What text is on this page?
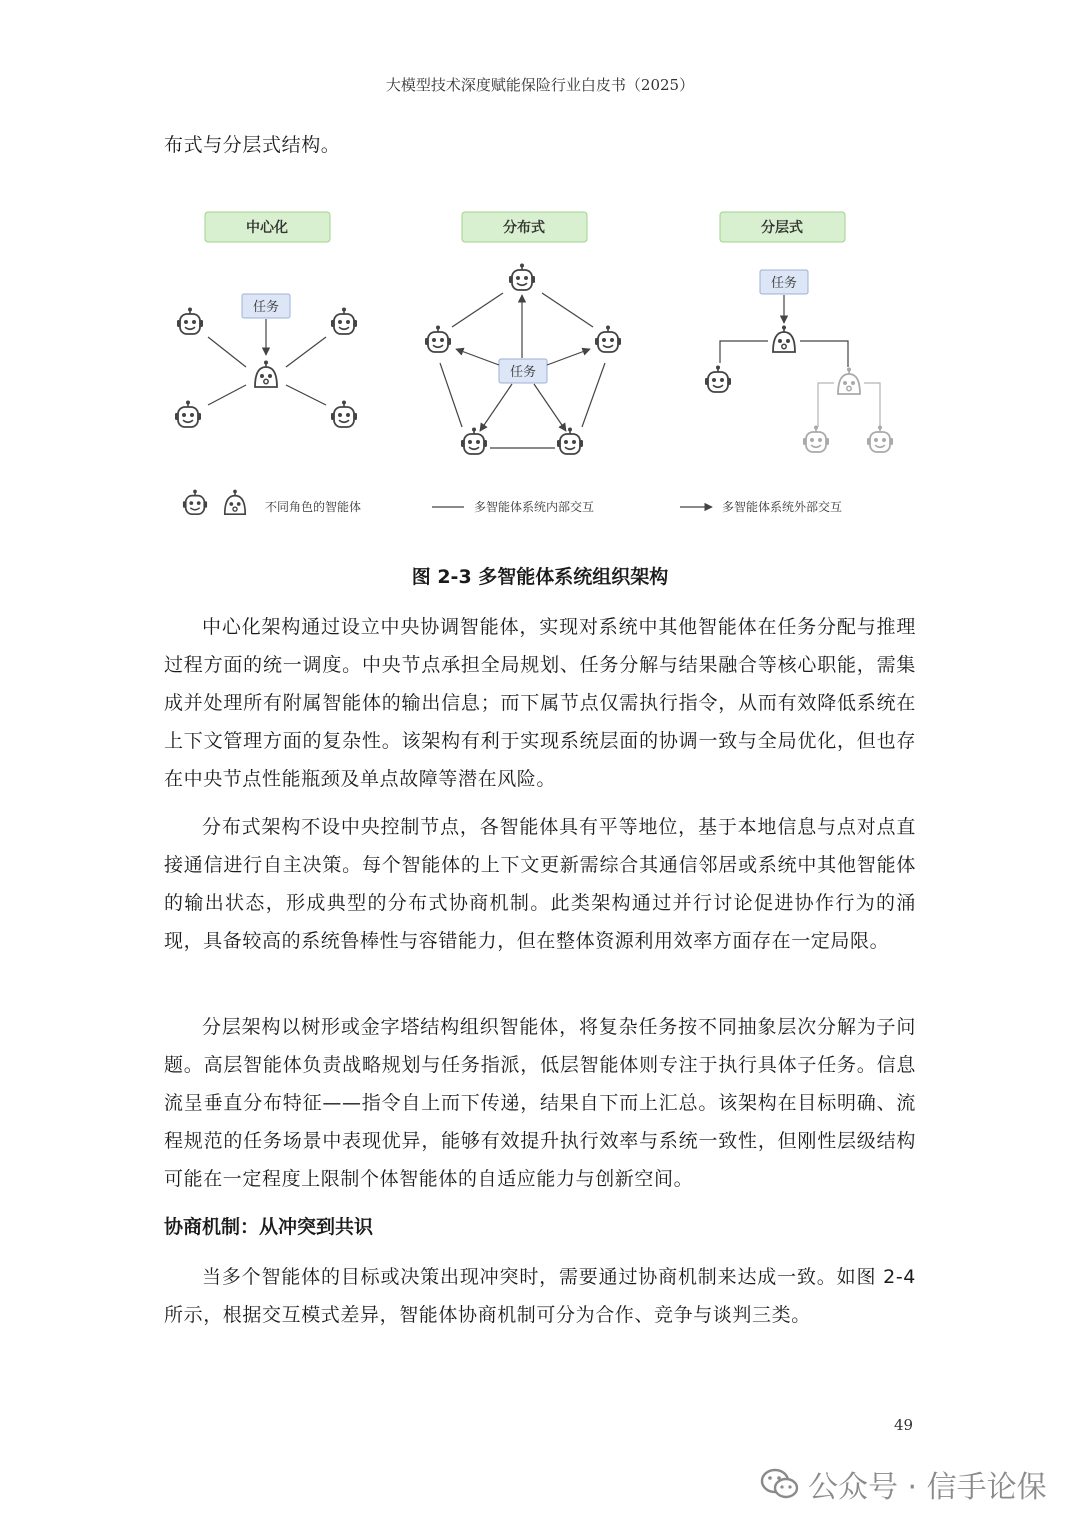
大模型技术深度赋能保险行业白皮书（2025）

布式与分层式结构。

中心化
任务
分布式
任务
分层式
任务
不同角色的智能体	多智能体系统内部交互	多智能体系统外部交互

图 2-3 多智能体系统组织架构

中心化架构通过设立中央协调智能体，实现对系统中其他智能体在任务分配与推理过程方面的统一调度。中央节点承担全局规划、任务分解与结果融合等核心职能，需集成并处理所有附属智能体的输出信息；而下属节点仅需执行指令，从而有效降低系统在上下文管理方面的复杂性。该架构有利于实现系统层面的协调一致与全局优化，但也存在中央节点性能瓶颈及单点故障等潜在风险。

分布式架构不设中央控制节点，各智能体具有平等地位，基于本地信息与点对点直接通信进行自主决策。每个智能体的上下文更新需综合其通信邻居或系统中其他智能体的输出状态，形成典型的分布式协商机制。此类架构通过并行讨论促进协作行为的涌现，具备较高的系统鲁棒性与容错能力，但在整体资源利用效率方面存在一定局限。

分层架构以树形或金字塔结构组织智能体，将复杂任务按不同抽象层次分解为子问题。高层智能体负责战略规划与任务指派，低层智能体则专注于执行具体子任务。信息流呈垂直分布特征——指令自上而下传递，结果自下而上汇总。该架构在目标明确、流程规范的任务场景中表现优异，能够有效提升执行效率与系统一致性，但刚性层级结构可能在一定程度上限制个体智能体的自适应能力与创新空间。

协商机制：从冲突到共识

当多个智能体的目标或决策出现冲突时，需要通过协商机制来达成一致。如图 2-4 所示，根据交互模式差异，智能体协商机制可分为合作、竞争与谈判三类。

49
公众号 · 信手论保
